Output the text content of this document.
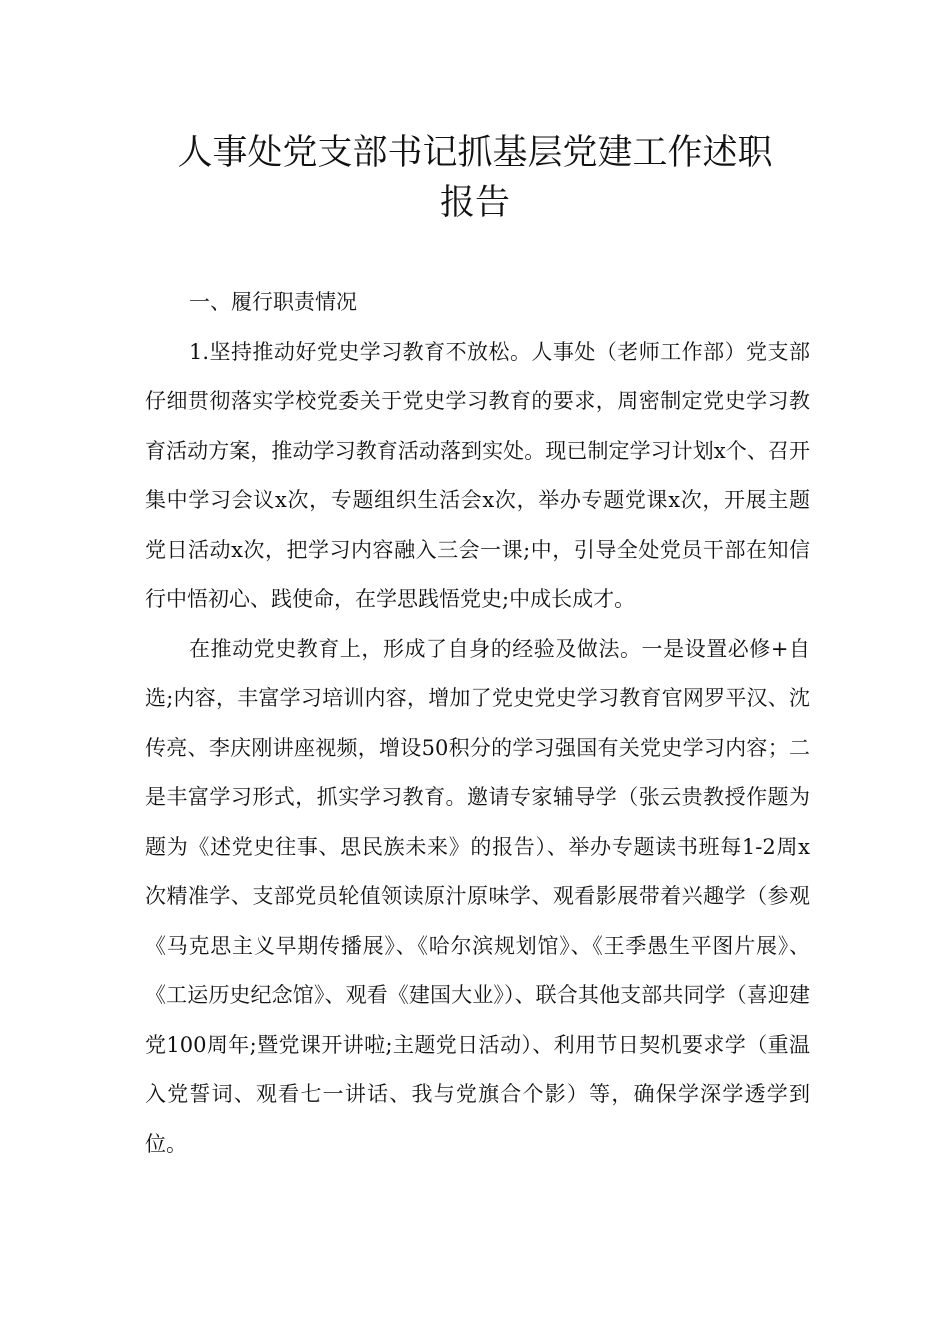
人事处党支部书记抓基层党建工作述职
报告

一、履行职责情况

1.坚持推动好党史学习教育不放松。人事处（老师工作部）党支部仔细贯彻落实学校党委关于党史学习教育的要求，周密制定党史学习教育活动方案，推动学习教育活动落到实处。现已制定学习计划x个、召开集中学习会议x次，专题组织生活会x次，举办专题党课x次，开展主题党日活动x次，把学习内容融入三会一课;中，引导全处党员干部在知信行中悟初心、践使命，在学思践悟党史;中成长成才。

在推动党史教育上，形成了自身的经验及做法。一是设置必修+自选;内容，丰富学习培训内容，增加了党史党史学习教育官网罗平汉、沈传亮、李庆刚讲座视频，增设50积分的学习强国有关党史学习内容；二是丰富学习形式，抓实学习教育。邀请专家辅导学（张云贵教授作题为题为《述党史往事、思民族未来》的报告）、举办专题读书班每1-2周x次精准学、支部党员轮值领读原汁原味学、观看影展带着兴趣学（参观《马克思主义早期传播展》、《哈尔滨规划馆》、《王季愚生平图片展》、《工运历史纪念馆》、观看《建国大业》）、联合其他支部共同学（喜迎建党100周年;暨党课开讲啦;主题党日活动）、利用节日契机要求学（重温入党誓词、观看七一讲话、我与党旗合个影）等，确保学深学透学到位。
